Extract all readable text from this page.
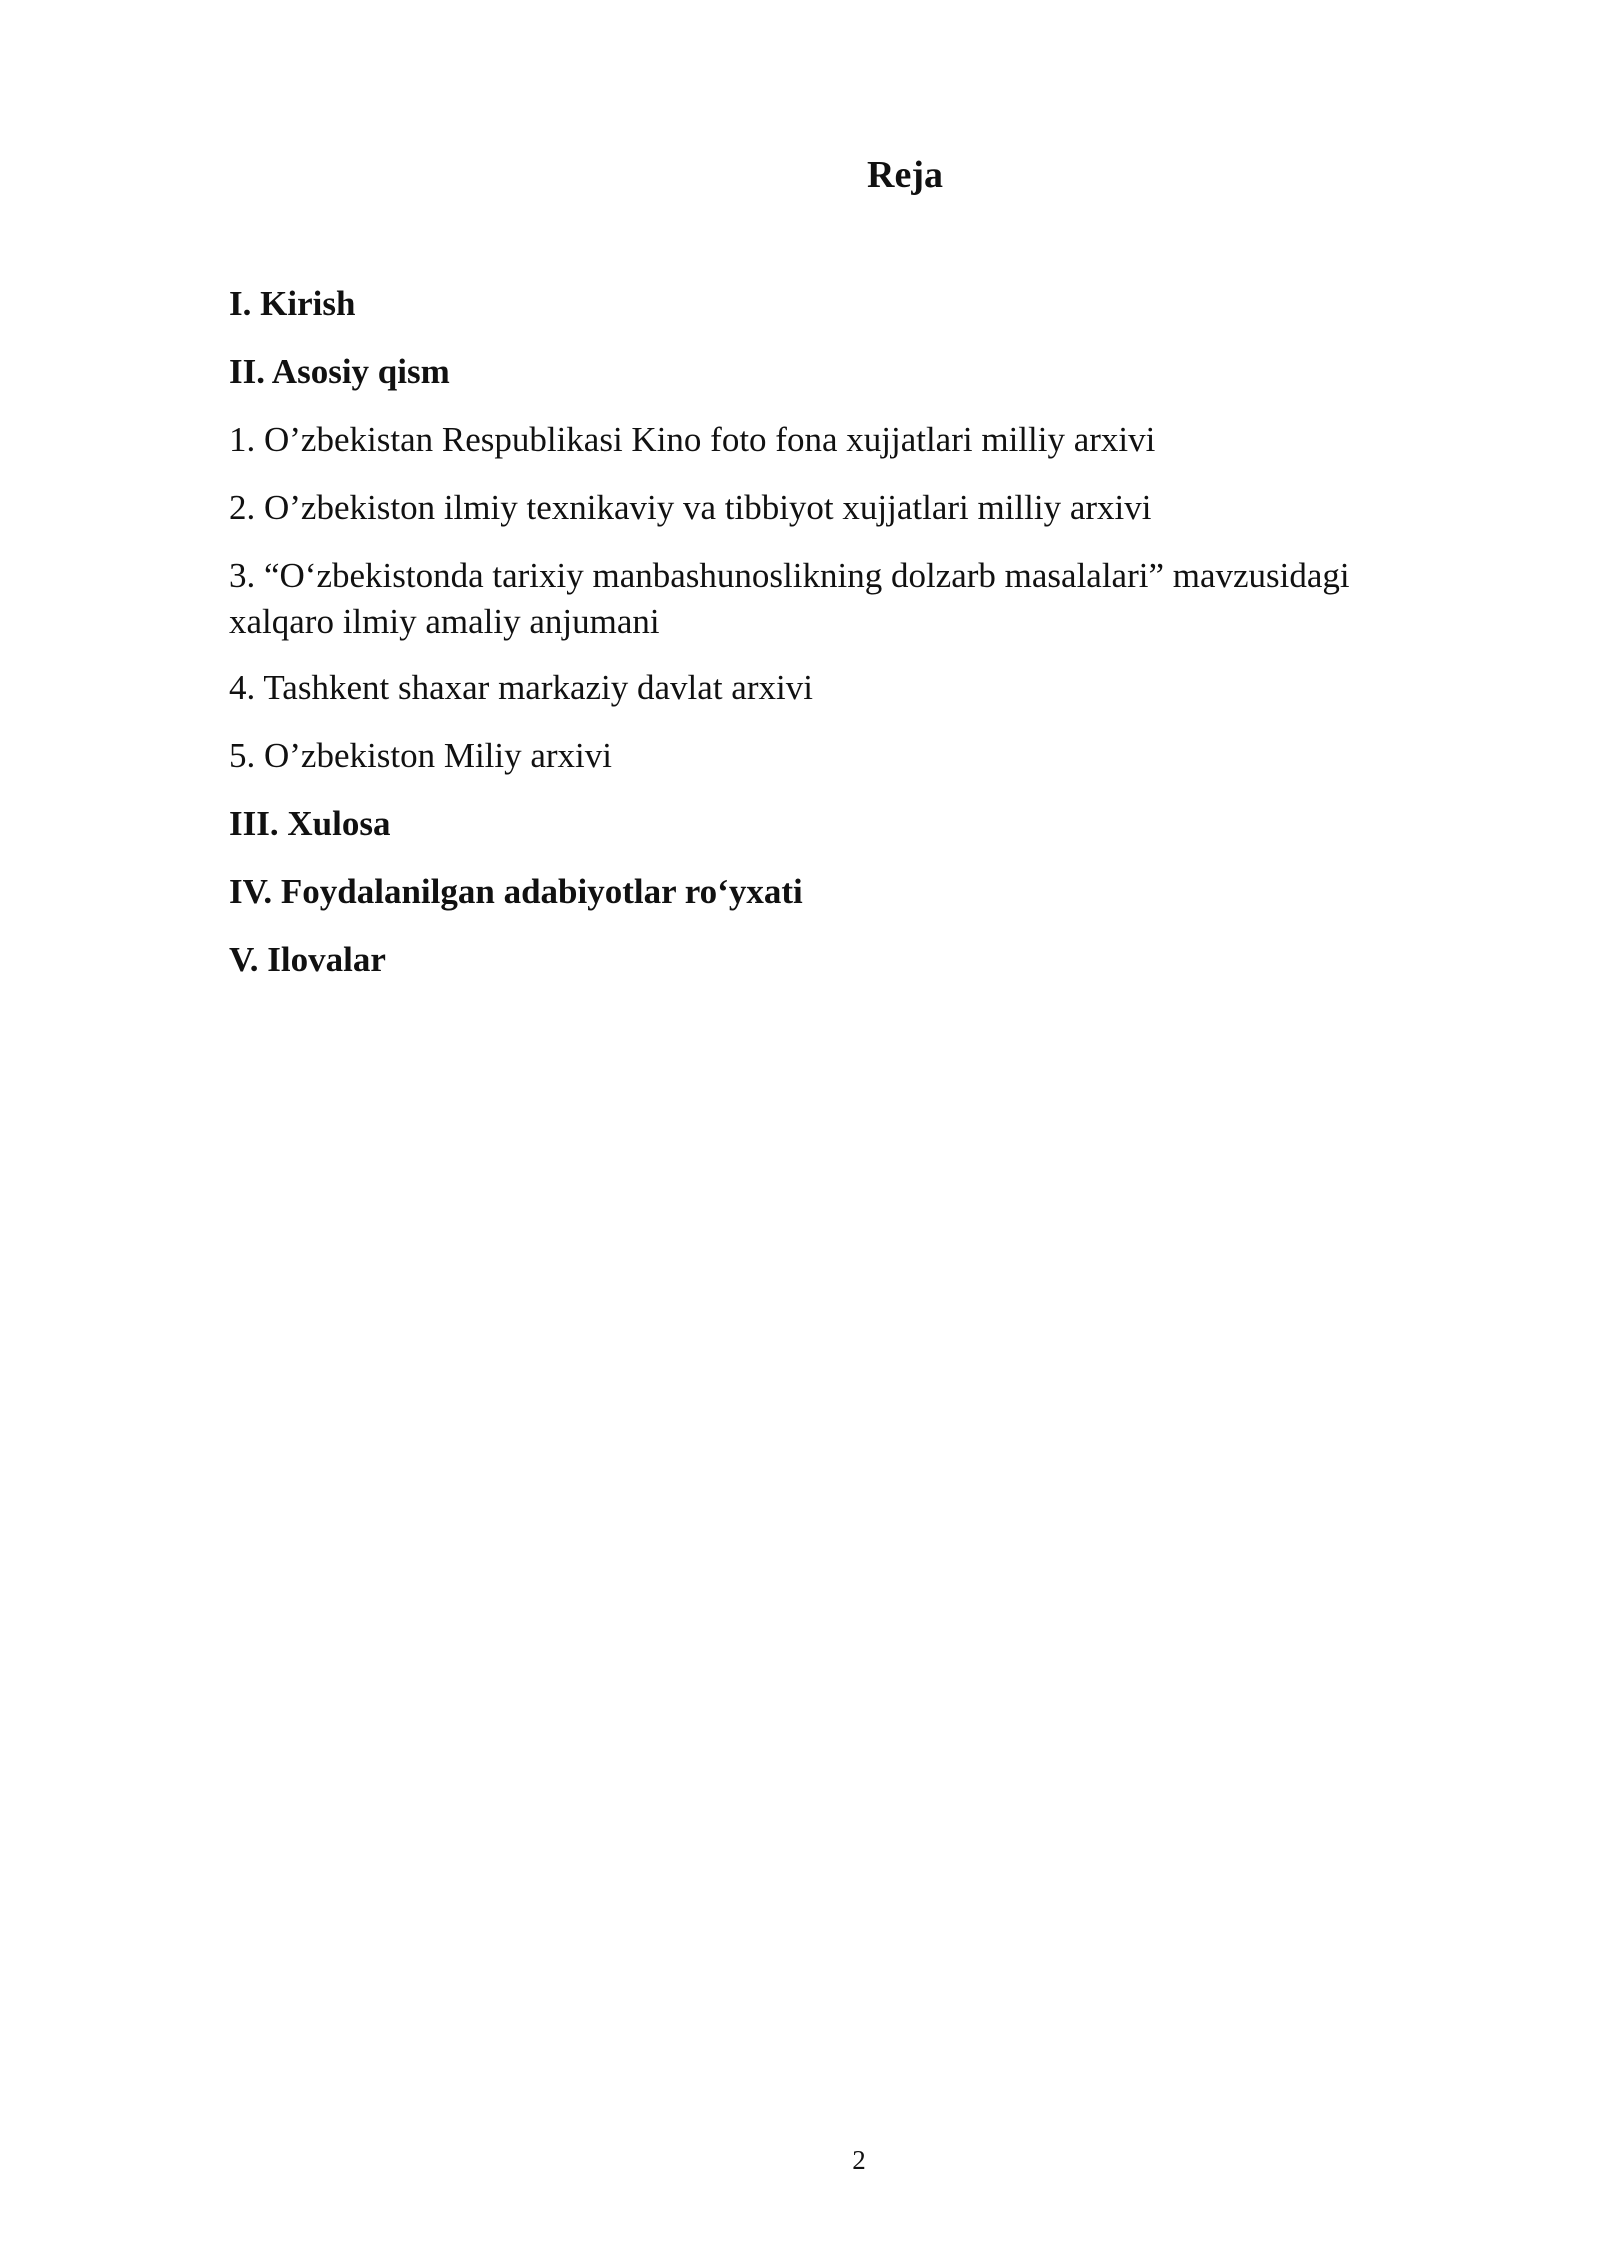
Reja
I. Kirish
II. Asosiy qism
1. O’zbekistan Respublikasi Kino foto fona xujjatlari milliy arxivi
2. O’zbekiston ilmiy texnikaviy va tibbiyot xujjatlari milliy arxivi
3. “O‘zbekistonda tarixiy manbashunoslikning dolzarb masalalari” mavzusidagi xalqaro ilmiy amaliy anjumani
4. Tashkent shaxar markaziy davlat arxivi
5. O’zbekiston Miliy arxivi
III. Xulosa
IV. Foydalanilgan adabiyotlar ro‘yxati
V. Ilovalar
2
